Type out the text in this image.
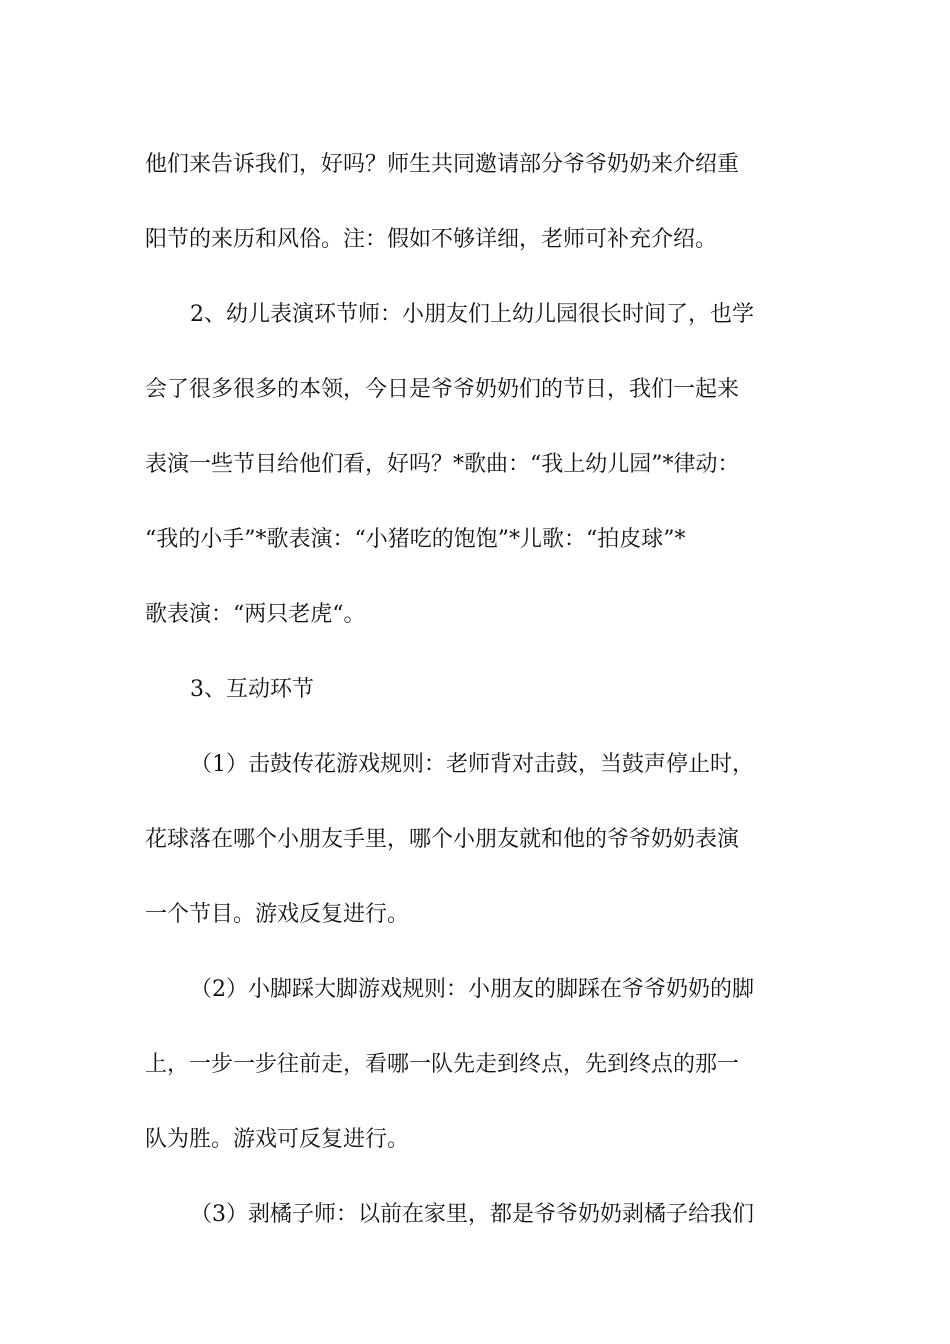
他们来告诉我们，好吗？师生共同邀请部分爷爷奶奶来介绍重
阳节的来历和风俗。注：假如不够详细，老师可补充介绍。
2、幼儿表演环节师：小朋友们上幼儿园很长时间了，也学
会了很多很多的本领，今日是爷爷奶奶们的节日，我们一起来
表演一些节目给他们看，好吗？*歌曲：“我上幼儿园”*律动：
“我的小手”*歌表演：“小猪吃的饱饱”*儿歌：“拍皮球”*
歌表演：“两只老虎“。
3、互动环节
（1）击鼓传花游戏规则：老师背对击鼓，当鼓声停止时，
花球落在哪个小朋友手里，哪个小朋友就和他的爷爷奶奶表演
一个节目。游戏反复进行。
（2）小脚踩大脚游戏规则：小朋友的脚踩在爷爷奶奶的脚
上，一步一步往前走，看哪一队先走到终点，先到终点的那一
队为胜。游戏可反复进行。
（3）剥橘子师：以前在家里，都是爷爷奶奶剥橘子给我们
